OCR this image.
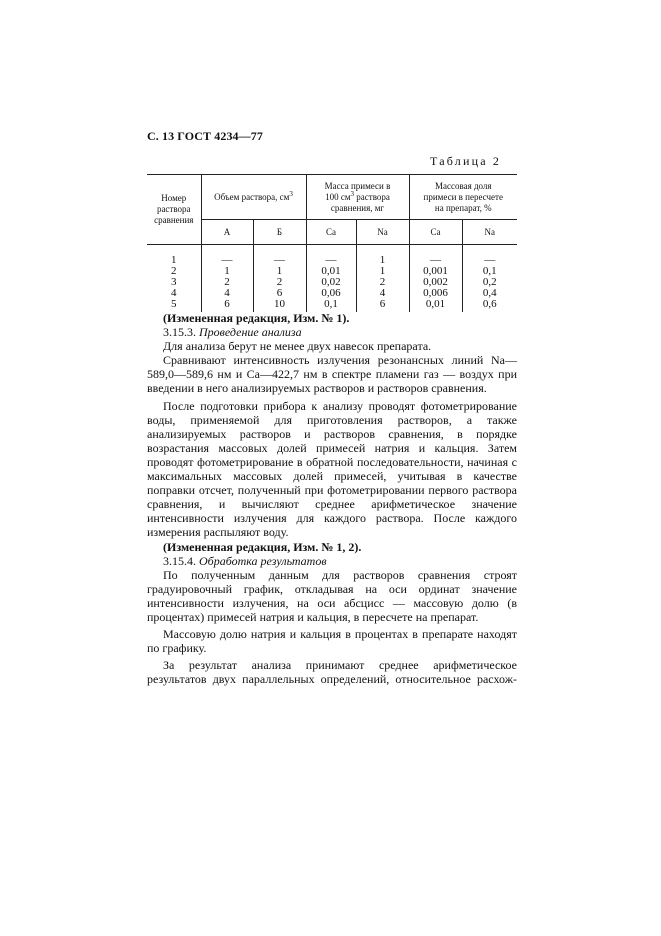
С. 13 ГОСТ 4234—77
Таблица 2
Номер
раствора
сравнения	Объем раствора, $см^3$		Масса примеси в
100 $см^3$ раствора
сравнения, мг		Массовая доля
примеси в пересчете
на препарат, %	
	А	Б	Ca	Na	Ca	Na
1	—	—	—	1	—	—
2	1	1	0,01	1	0,001	0,1
3	2	2	0,02	2	0,002	0,2
4	4	6	0,06	4	0,006	0,4
5	6	10	0,1	6	0,01	0,6

(Измененная редакция, Изм. № 1).

3.15.3. Проведение анализа

Для анализа берут не менее двух навесок препарата.

Сравнивают интенсивность излучения резонансных линий Na—
589,0—589,6 нм и Ca—422,7 нм в спектре пламени газ — воздух при введении в него анализируемых растворов и растворов сравнения.

После подготовки прибора к анализу проводят фотометрирование воды, применяемой для приготовления растворов, а также анализируемых растворов и растворов сравнения, в порядке возрастания массовых долей примесей натрия и кальция. Затем проводят фотометрирование в обратной последовательности, начиная с максимальных массовых долей примесей, учитывая в качестве поправки отсчет, полученный при фотометрировании первого раствора сравнения, и вычисляют среднее арифметическое значение интенсивности излучения для каждого раствора. После каждого измерения распыляют воду.

(Измененная редакция, Изм. № 1, 2).

3.15.4. Обработка результатов

По полученным данным для растворов сравнения строят градуировочный график, откладывая на оси ординат значение интенсивности излучения, на оси абсцисс — массовую долю (в процентах) примесей натрия и кальция, в пересчете на препарат.

Массовую долю натрия и кальция в процентах в препарате находят по графику.

За результат анализа принимают среднее арифметическое результатов двух параллельных определений, относительное расхож-
